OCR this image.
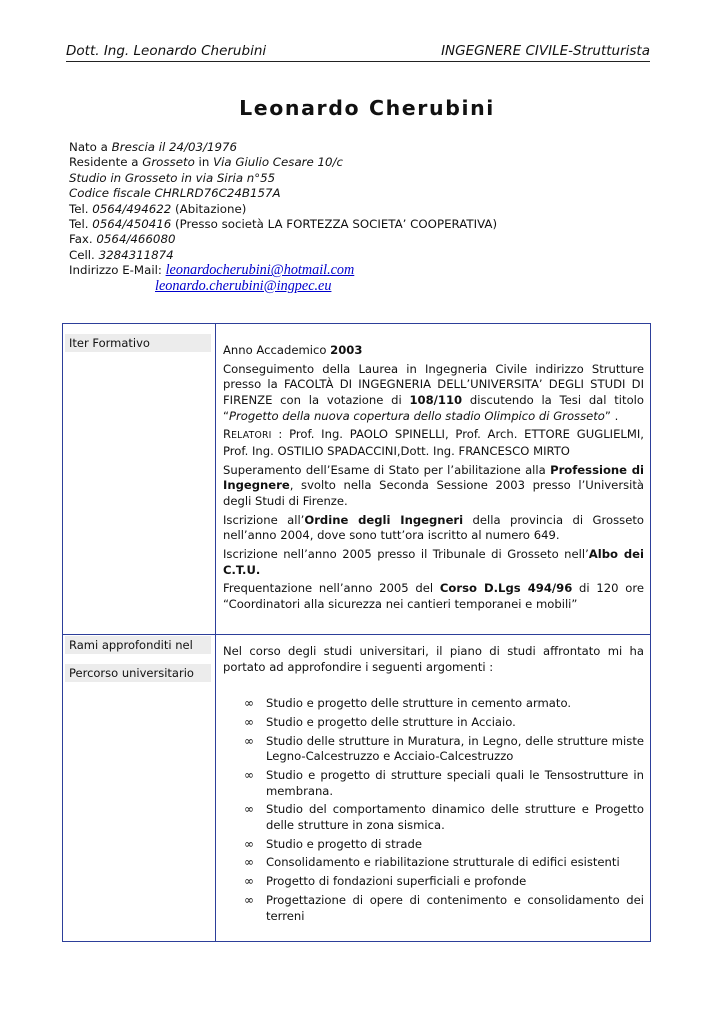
Dott. Ing. Leonardo Cherubini	INGEGNERE CIVILE-Strutturista
Leonardo Cherubini
Nato a Brescia il 24/03/1976
Residente a Grosseto in Via Giulio Cesare 10/c
Studio in Grosseto in via Siria n°55
Codice fiscale CHRLRD76C24B157A
Tel. 0564/494622 (Abitazione)
Tel. 0564/450416 (Presso società LA FORTEZZA SOCIETA’ COOPERATIVA)
Fax. 0564/466080
Cell. 3284311874
Indirizzo E-Mail: leonardocherubini@hotmail.com
leonardo.cherubini@ingpec.eu
Iter Formativo	Anno Accademico 2003

Conseguimento della Laurea in Ingegneria Civile indirizzo Strutture presso la FACOLTÀ DI INGEGNERIA DELL’UNIVERSITA’ DEGLI STUDI DI FIRENZE con la votazione di 108/110 discutendo la Tesi dal titolo “Progetto della nuova copertura dello stadio Olimpico di Grosseto” .

RELATORI : Prof. Ing. PAOLO SPINELLI, Prof. Arch. ETTORE GUGLIELMI, Prof. Ing. OSTILIO SPADACCINI,Dott. Ing. FRANCESCO MIRTO

Superamento dell’Esame di Stato per l’abilitazione alla Professione di Ingegnere, svolto nella Seconda Sessione 2003 presso l’Università degli Studi di Firenze.

Iscrizione all’Ordine degli Ingegneri della provincia di Grosseto nell’anno 2004, dove sono tutt’ora iscritto al numero 649.

Iscrizione nell’anno 2005 presso il Tribunale di Grosseto nell’Albo dei C.T.U.

Frequentazione nell’anno 2005 del Corso D.Lgs 494/96 di 120 ore “Coordinatori alla sicurezza nei cantieri temporanei e mobili”

Rami approfonditi nel
Percorso universitario

Nel corso degli studi universitari, il piano di studi affrontato mi ha portato ad approfondire i seguenti argomenti :

∞ Studio e progetto delle strutture in cemento armato.
∞ Studio e progetto delle strutture in Acciaio.
∞ Studio delle strutture in Muratura, in Legno, delle strutture miste Legno-Calcestruzzo e Acciaio-Calcestruzzo
∞ Studio e progetto di strutture speciali quali le Tensostrutture in membrana.
∞ Studio del comportamento dinamico delle strutture e Progetto delle strutture in zona sismica.
∞ Studio e progetto di strade
∞ Consolidamento e riabilitazione strutturale di edifici esistenti
∞ Progetto di fondazioni superficiali e profonde
∞ Progettazione di opere di contenimento e consolidamento dei terreni
